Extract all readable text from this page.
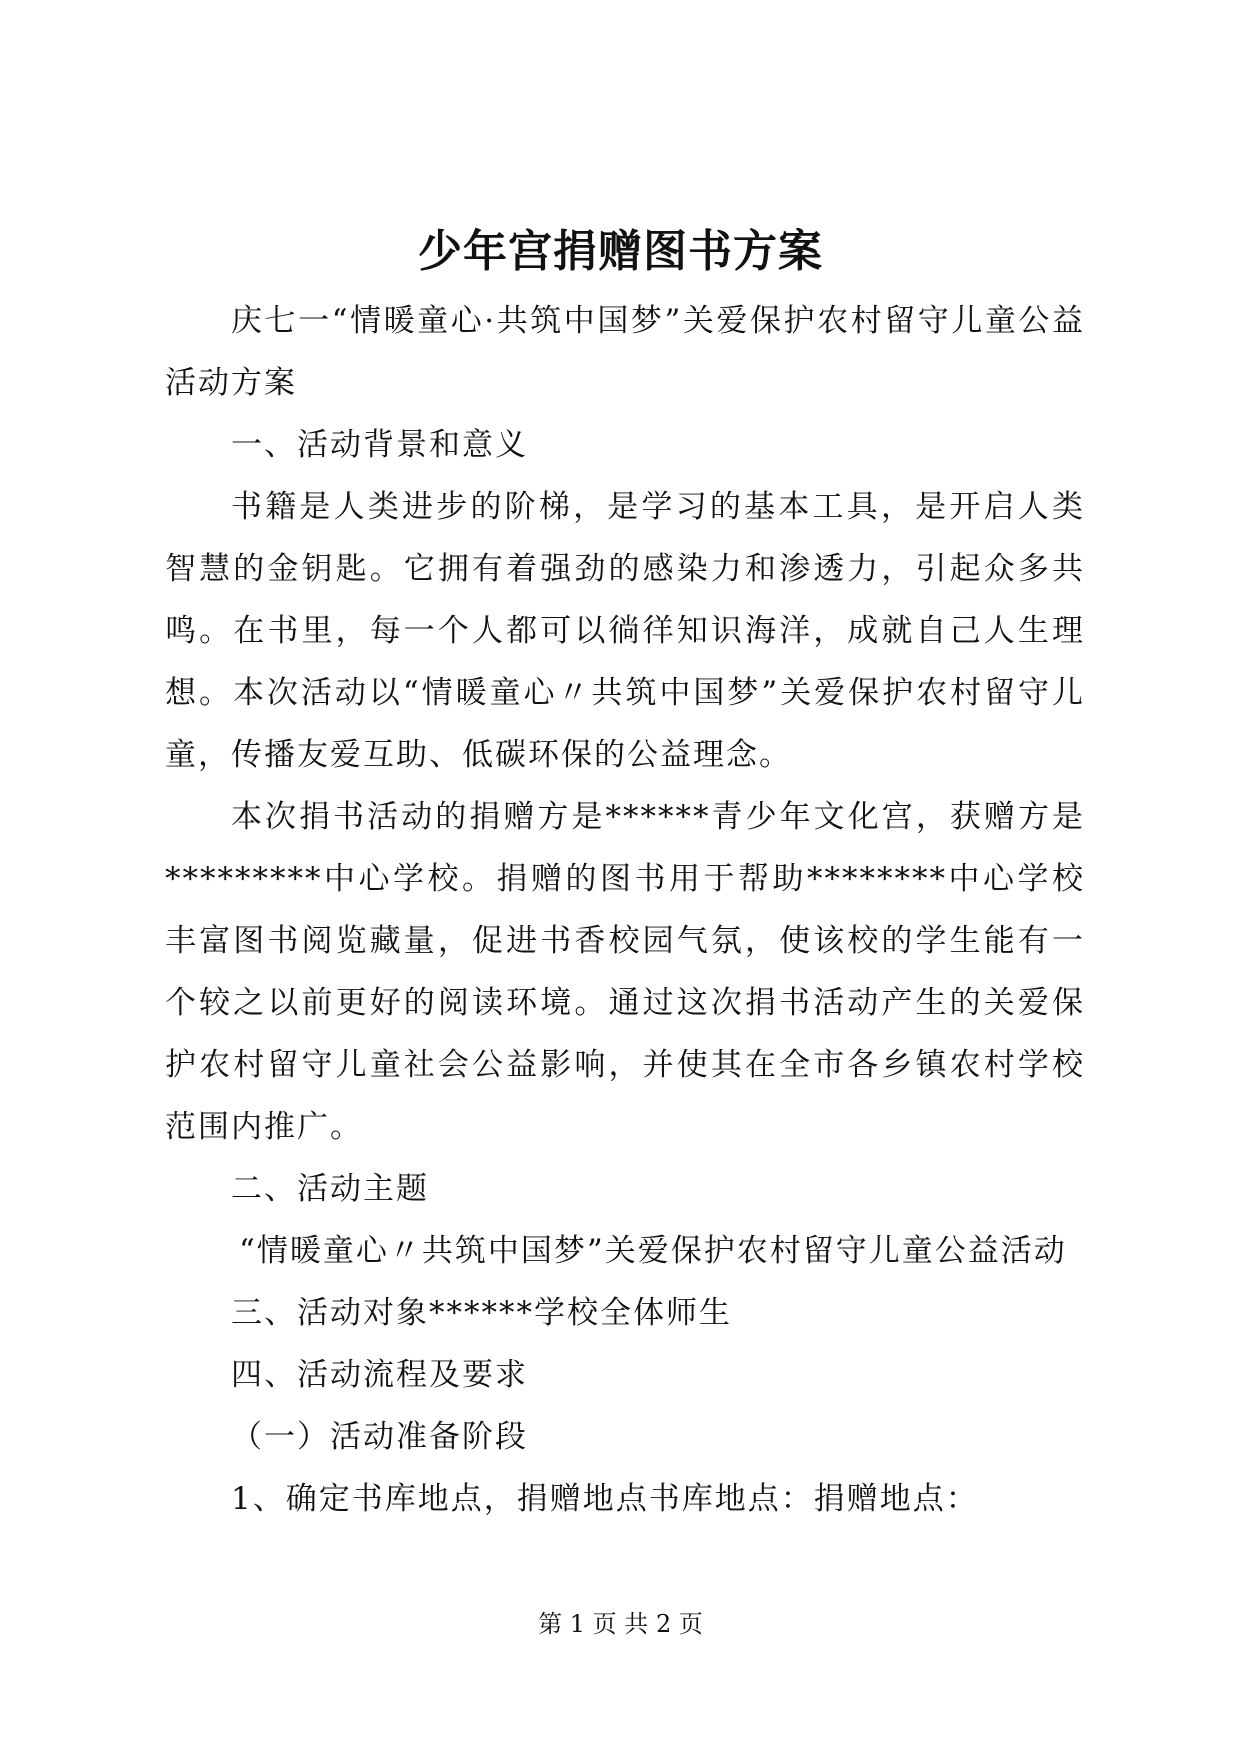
少年宫捐赠图书方案

庆七一“情暖童心·共筑中国梦”关爱保护农村留守儿童公益活动方案

一、活动背景和意义

书籍是人类进步的阶梯，是学习的基本工具，是开启人类智慧的金钥匙。它拥有着强劲的感染力和渗透力，引起众多共鸣。在书里，每一个人都可以徜徉知识海洋，成就自己人生理想。本次活动以“情暖童心〃共筑中国梦”关爱保护农村留守儿童，传播友爱互助、低碳环保的公益理念。

本次捐书活动的捐赠方是******青少年文化宫，获赠方是*********中心学校。捐赠的图书用于帮助********中心学校丰富图书阅览藏量，促进书香校园气氛，使该校的学生能有一个较之以前更好的阅读环境。通过这次捐书活动产生的关爱保护农村留守儿童社会公益影响，并使其在全市各乡镇农村学校范围内推广。

二、活动主题

“情暖童心〃共筑中国梦”关爱保护农村留守儿童公益活动

三、活动对象******学校全体师生

四、活动流程及要求

（一）活动准备阶段

1、确定书库地点，捐赠地点书库地点：捐赠地点：

第 1 页 共 2 页
